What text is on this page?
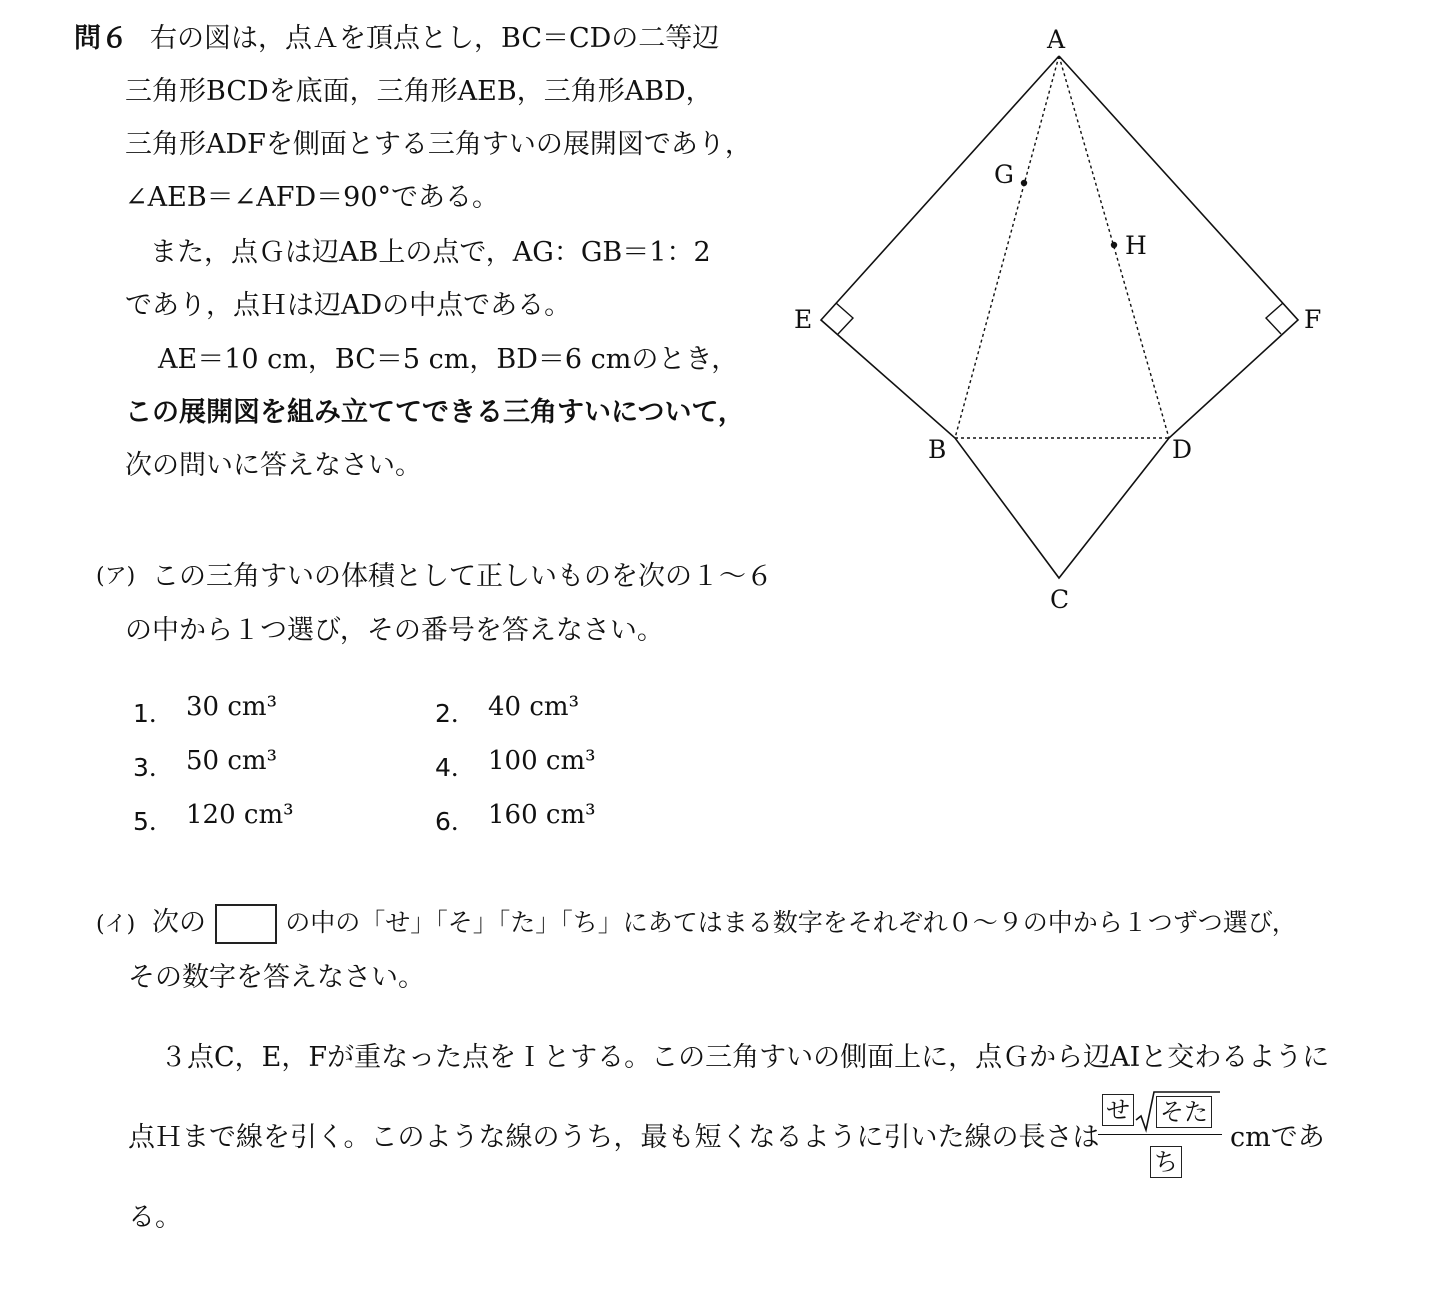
問６ 右の図は，点Ａを頂点とし，BC＝CDの二等辺
三角形BCDを底面，三角形AEB，三角形ABD，
三角形ADFを側面とする三角すいの展開図であり，
∠AEB＝∠AFD＝90°である。
また，点Ｇは辺AB上の点で，AG：GB＝1：2
であり，点Ｈは辺ADの中点である。
AE＝10 cm，BC＝5 cm，BD＝6 cmのとき，
この展開図を組み立ててできる三角すいについて，
次の問いに答えなさい。
(ア) この三角すいの体積として正しいものを次の１～６
の中から１つ選び，その番号を答えなさい。
1． 30 cm³	2． 40 cm³
3． 50 cm³	4． 100 cm³
5． 120 cm³	6． 160 cm³
(イ) 次の	の中の「せ」「そ」「た」「ち」にあてはまる数字をそれぞれ０～９の中から１つずつ選び，
その数字を答えなさい。
３点C，E，Fが重なった点をＩとする。この三角すいの側面上に，点Ｇから辺AIと交わるように
点Ｈまで線を引く。このような線のうち，最も短くなるように引いた線の長さは
せ そた
ち
cmであ
る。
A
E	F
B	D
C
G
H
